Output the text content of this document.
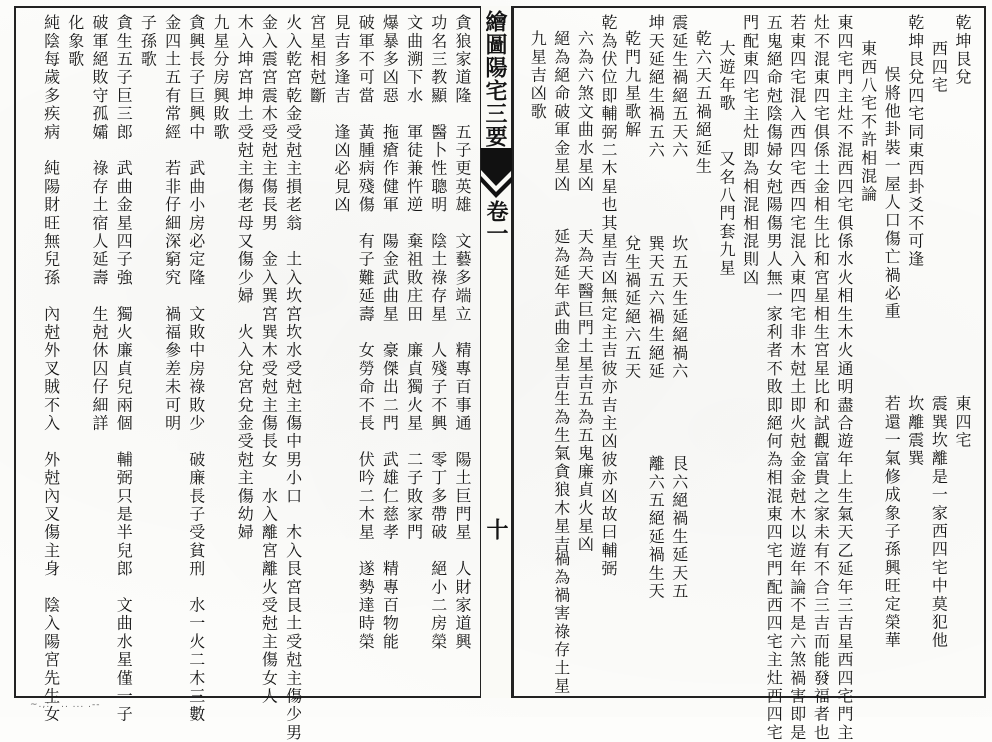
繪圖陽宅三要
卷一
十
乾坤艮兌
西四宅
乾坤艮兌四宅同東西卦爻不可逢
悮將他卦裝一屋人口傷亡禍必重
東西八宅不許相混論
東四宅門主灶不混西四宅俱係水火相生木火通明盡合遊年上生氣天乙延年三吉星西四宅門主
灶不混東四宅俱係土金相生比和宮星相生宮星比和試觀富貴之家未有不合三吉而能發福者也
若東四宅混入西四宅西四宅混入東四宅非木尅土即火尅金金尅木以遊年論不是六煞禍害即是
五鬼絕命尅陰傷婦女尅陽傷男人無一家利者不敗即絕何為相混東四宅門配西四宅主灶西四宅
門配東四宅主灶即為相混相混則凶
大遊年歌
乾六天五禍絕延生
震延生禍絕五天六
坤天延絕生禍五六
乾門九星歌解
乾為伏位即輔弼二木星也其星吉凶無定主吉彼亦吉主凶彼亦凶故曰輔弼
六為六煞文曲水星凶
絕為絕命破軍金星凶
九星吉凶歌
東四宅
震巽坎離是一家西四宅中莫犯他
坎離震巽
若還一氣修成象子孫興旺定榮華
又名八門套九星
坎五天生延絕禍六
巽天五六禍生絕延
兌生禍延絕六五天
艮六絕禍生延天五
離六五絕延禍生天
天為天醫巨門土星吉
五為五鬼廉貞火星凶
延為延年武曲金星吉
生為生氣貪狼木星吉
禍為禍害祿存土星
貪狼家道隆　五子更英雄　文藝多端立　精專百事通　陽土巨門星　人財家道興
功名三教顯　醫卜性聰明　陰土祿存星　人殘子不興　零丁多帶破　絕小二房榮
文曲溯下水　軍徒兼忤逆　棄祖敗庄田　廉貞獨火星　二子敗家門
爆暴多凶惡　拖瘡作健軍　陽金武曲星　豪傑出二門　武雄仁慈孝　精專百物能
破軍不可當　黃腫病殘傷　有子難延壽　女勞命不長　伏吟二木星　遂勢達時榮
見吉多逢吉　逢凶必見凶
宮星相尅斷
火入乾宮乾金受尅主損老翁　土入坎宮坎水受尅主傷中男小口　木入艮宮艮土受尅主傷少男
金入震宮震木受尅主傷長男　金入巽宮巽木受尅主傷長女　水入離宮離火受尅主傷女人
木入坤宮坤土受尅主傷老母又傷少婦　火入兌宮兌金受尅主傷幼婦
九星分房興敗歌
貪興長子巨興中　武曲小房必定隆　文敗中房祿敗少　破廉長子受貧刑　水一火二木三數
金四土五有常經　若非仔細深窮究　禍福參差未可明
子孫歌
貪生五子巨三郎　武曲金星四子強　獨火廉貞兒兩個　輔弼只是半兒郎　文曲水星僅一子
破軍絕敗守孤孀　祿存土宿人延壽　生尅休囚仔細詳
化象歌
純陰每歲多疾病　純陽財旺無兒孫　內尅外叉賊不入　外尅內叉傷主身　陰入陽宮先生女
~.,:'' .. ... .--
